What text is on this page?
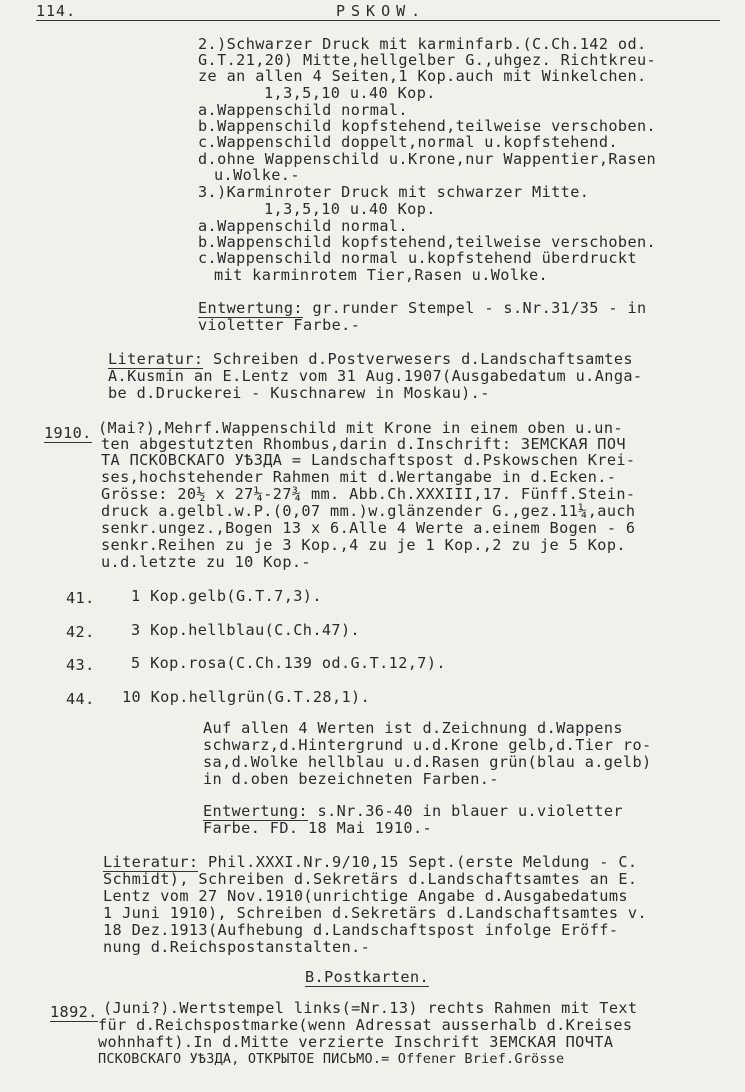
114.	PSKOW.
2.)Schwarzer Druck mit karminfarb.(C.Ch.142 od.
G.T.21,20) Mitte,hellgelber G.,uhgez. Richtkreu-
ze an allen 4 Seiten,1 Kop.auch mit Winkelchen.
1,3,5,10 u.40 Kop.
a.Wappenschild normal.
b.Wappenschild kopfstehend,teilweise verschoben.
c.Wappenschild doppelt,normal u.kopfstehend.
d.ohne Wappenschild u.Krone,nur Wappentier,Rasen
u.Wolke.-
3.)Karminroter Druck mit schwarzer Mitte.
1,3,5,10 u.40 Kop.
a.Wappenschild normal.
b.Wappenschild kopfstehend,teilweise verschoben.
c.Wappenschild normal u.kopfstehend überdruckt
mit karminrotem Tier,Rasen u.Wolke.
Entwertung: gr.runder Stempel - s.Nr.31/35 - in
violetter Farbe.-
Literatur: Schreiben d.Postverwesers d.Landschaftsamtes
A.Kusmin an E.Lentz vom 31 Aug.1907(Ausgabedatum u.Anga-
be d.Druckerei - Kuschnarew in Moskau).-
1910. (Mai?),Mehrf.Wappenschild mit Krone in einem oben u.un-
ten abgestutzten Rhombus,darin d.Inschrift: ЗЕМСКАЯ ПОЧ
ТА ПСКОВСКАГО УѢЗДА = Landschaftspost d.Pskowschen Krei-
ses,hochstehender Rahmen mit d.Wertangabe in d.Ecken.-
Grösse: 20½ x 27¼-27¾ mm. Abb.Ch.XXXIII,17. Fünff.Stein-
druck a.gelbl.w.P.(0,07 mm.)w.glänzender G.,gez.11¼,auch
senkr.ungez.,Bogen 13 x 6.Alle 4 Werte a.einem Bogen - 6
senkr.Reihen zu je 3 Kop.,4 zu je 1 Kop.,2 zu je 5 Kop.
u.d.letzte zu 10 Kop.-
41. 1 Kop.gelb(G.T.7,3).
42. 3 Kop.hellblau(C.Ch.47).
43. 5 Kop.rosa(C.Ch.139 od.G.T.12,7).
44. 10 Kop.hellgrün(G.T.28,1).
Auf allen 4 Werten ist d.Zeichnung d.Wappens
schwarz,d.Hintergrund u.d.Krone gelb,d.Tier ro-
sa,d.Wolke hellblau u.d.Rasen grün(blau a.gelb)
in d.oben bezeichneten Farben.-
Entwertung: s.Nr.36-40 in blauer u.violetter
Farbe. FD. 18 Mai 1910.-
Literatur: Phil.XXXI.Nr.9/10,15 Sept.(erste Meldung - C.
Schmidt), Schreiben d.Sekretärs d.Landschaftsamtes an E.
Lentz vom 27 Nov.1910(unrichtige Angabe d.Ausgabedatums
1 Juni 1910), Schreiben d.Sekretärs d.Landschaftsamtes v.
18 Dez.1913(Aufhebung d.Landschaftspost infolge Eröff-
nung d.Reichspostanstalten.-
B.Postkarten.
1892. (Juni?).Wertstempel links(=Nr.13) rechts Rahmen mit Text
für d.Reichspostmarke(wenn Adressat ausserhalb d.Kreises
wohnhaft).In d.Mitte verzierte Inschrift ЗЕМСКАЯ ПОЧТА
ПСКОВСКАГО УѢЗДА, ОТКРЫТОЕ ПИСЬМО.= Offener Brief.Grösse
